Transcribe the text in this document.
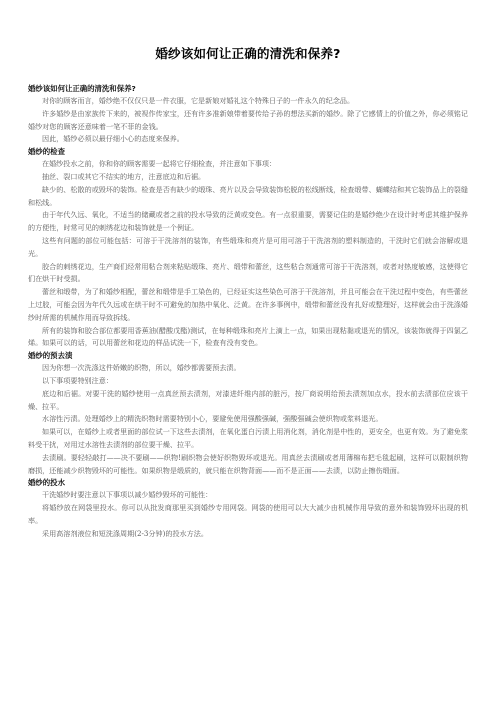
婚纱该如何让正确的清洗和保养?
婚纱该如何让正确的清洗和保养?

对你的顾客而言，婚纱绝不仅仅只是一件衣服，它是新娘对婚礼这个特殊日子的一件永久的纪念品。

许多婚纱是由家族传下来的，被视作传家宝，还有许多准新娘带着要传给子孙的想法买新的婚纱。除了它感情上的价值之外，你必须铭记婚纱对您的顾客还意味着一笔不菲的金钱。

因此，婚纱必须以最仔细小心的态度来保养。

婚纱的检查

在婚纱投水之前，你和你的顾客需要一起将它仔细检查，并注意如下事项：

抽丝、裂口或其它不结实的地方，注意底边和后裾。

缺少的、松散的或毁坏的装饰。检查是否有缺少的缎珠、亮片以及会导致装饰松脱的松线断线，检查缎带、蝴蝶结和其它装饰品上的裂缝和松线。

由于年代久远、氧化，不适当的储藏或者之前的投水导致的泛黄或变色。有一点很重要，需要记住的是婚纱绝少在设计时考虑其维护保养的方便性，时常可见的刺绣花边和装饰就是一个例证。

这些有问题的部位可能包括：可溶于干洗溶剂的装饰，有些缎珠和亮片是可用可溶于干洗溶剂的塑料制造的，干洗时它们就会溶解或退光。

胶合的刺绣花边，生产商们经常用粘合剂来粘贴缎珠、亮片、缎带和蕾丝，这些粘合剂通常可溶于干洗溶剂，或者对热度敏感，这使得它们在烘干时受损。

蕾丝和缎带，为了和婚纱相配，蕾丝和缎带是手工染色的，已经证实这些染色可溶于干洗溶剂，并且可能会在干洗过程中变色，有些蕾丝上过胶，可能会因为年代久远或在烘干时不可避免的加热中氧化、泛黄。在许多事例中，缎带和蕾丝没有扎好或整理好，这样就会由于洗涤婚纱时所需的机械作用而导致拆线。

所有的装饰和胶合部位都要用香蕉油(醋酸戊酯)测试，在每种缎珠和亮片上滴上一点，如果出现粘黏或退光的情况，该装饰就得于四氯乙烯。如果可以的话，可以用蕾丝和花边的样品试洗一下，检查有没有变色。

婚纱的预去渍

因为你想一次洗涤这件娇嫩的织物，所以，婚纱都需要预去渍。

以下事项要特别注意：

底边和后裾。对要干洗的婚纱使用一点真丝预去渍剂，对漆进纤维内部的脏污，按厂商说明给预去渍剂加点水，投水前去渍部位应该干燥、拉平。

水溶性污渍。处理婚纱上的精洗织物时需要特别小心，要避免使用强酸强碱，强酸强碱会使织物或浆料退光。

如果可以，在婚纱上或者里面的部位试一下这些去渍剂，在氧化蛋白污渍上用消化剂，消化剂是中性的，更安全，也更有效。为了避免浆料受干扰，对用过水溶性去渍剂的部位要干燥、拉平。

去渍刷。要轻轻敲打——决不要刷——织物!刷织物会使好织物毁坏或退光。用真丝去渍刷或者用薄棉布把毛毯起刷，这样可以限制织物磨损，还能减少织物毁坏的可能性。如果织物是缎质的，就只能在织物背面——而不是正面——去渍，以防止擦伤缎面。

婚纱的投水

干洗婚纱时要注意以下事项以减少婚纱毁坏的可能性：

将婚纱放在网袋里投水。你可以从批发商那里买到婚纱专用网袋。网袋的使用可以大大减少由机械作用导致的意外和装饰毁坏出现的机率。

采用高溶剂液位和短洗涤周期(2-3分钟)的投水方法。
